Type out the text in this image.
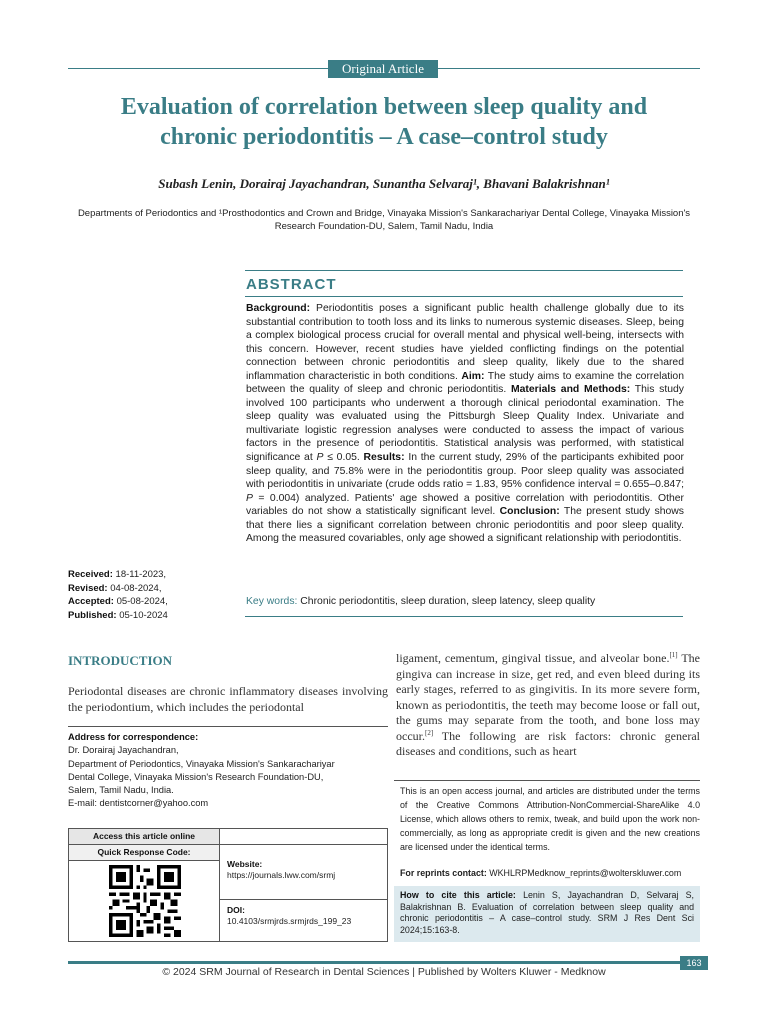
Original Article
Evaluation of correlation between sleep quality and
chronic periodontitis – A case–control study
Subash Lenin, Dorairaj Jayachandran, Sunantha Selvaraj¹, Bhavani Balakrishnan¹
Departments of Periodontics and ¹Prosthodontics and Crown and Bridge, Vinayaka Mission's Sankarachariyar Dental College, Vinayaka Mission's Research Foundation-DU, Salem, Tamil Nadu, India
ABSTRACT

Background: Periodontitis poses a significant public health challenge globally due to its substantial contribution to tooth loss and its links to numerous systemic diseases. Sleep, being a complex biological process crucial for overall mental and physical well-being, intersects with this concern. However, recent studies have yielded conflicting findings on the potential connection between chronic periodontitis and sleep quality, likely due to the shared inflammation characteristic in both conditions. Aim: The study aims to examine the correlation between the quality of sleep and chronic periodontitis. Materials and Methods: This study involved 100 participants who underwent a thorough clinical periodontal examination. The sleep quality was evaluated using the Pittsburgh Sleep Quality Index. Univariate and multivariate logistic regression analyses were conducted to assess the impact of various factors in the presence of periodontitis. Statistical analysis was performed, with statistical significance at P ≤ 0.05. Results: In the current study, 29% of the participants exhibited poor sleep quality, and 75.8% were in the periodontitis group. Poor sleep quality was associated with periodontitis in univariate (crude odds ratio = 1.83, 95% confidence interval = 0.655–0.847; P = 0.004) analyzed. Patients' age showed a positive correlation with periodontitis. Other variables do not show a statistically significant level. Conclusion: The present study shows that there lies a significant correlation between chronic periodontitis and poor sleep quality. Among the measured covariables, only age showed a significant relationship with periodontitis.

Key words: Chronic periodontitis, sleep duration, sleep latency, sleep quality
Received: 18-11-2023,
Revised: 04-08-2024,
Accepted: 05-08-2024,
Published: 05-10-2024
INTRODUCTION
Periodontal diseases are chronic inflammatory diseases involving the periodontium, which includes the periodontal
ligament, cementum, gingival tissue, and alveolar bone.[1] The gingiva can increase in size, get red, and even bleed during its early stages, referred to as gingivitis. In its more severe form, known as periodontitis, the teeth may become loose or fall out, the gums may separate from the tooth, and bone loss may occur.[2] The following are risk factors: chronic general diseases and conditions, such as heart
Address for correspondence:
Dr. Dorairaj Jayachandran,
Department of Periodontics, Vinayaka Mission's Sankarachariyar
Dental College, Vinayaka Mission's Research Foundation-DU,
Salem, Tamil Nadu, India.
E-mail: dentistcorner@yahoo.com
Access this article online
Quick Response Code:
Website:
https://journals.lww.com/srmj
DOI:
10.4103/srmjrds.srmjrds_199_23
This is an open access journal, and articles are distributed under the terms of the Creative Commons Attribution-NonCommercial-ShareAlike 4.0 License, which allows others to remix, tweak, and build upon the work non-commercially, as long as appropriate credit is given and the new creations are licensed under the identical terms.
For reprints contact: WKHLRPMedknow_reprints@wolterskluwer.com
How to cite this article: Lenin S, Jayachandran D, Selvaraj S, Balakrishnan B. Evaluation of correlation between sleep quality and chronic periodontitis – A case–control study. SRM J Res Dent Sci 2024;15:163-8.
163
© 2024 SRM Journal of Research in Dental Sciences | Published by Wolters Kluwer - Medknow
